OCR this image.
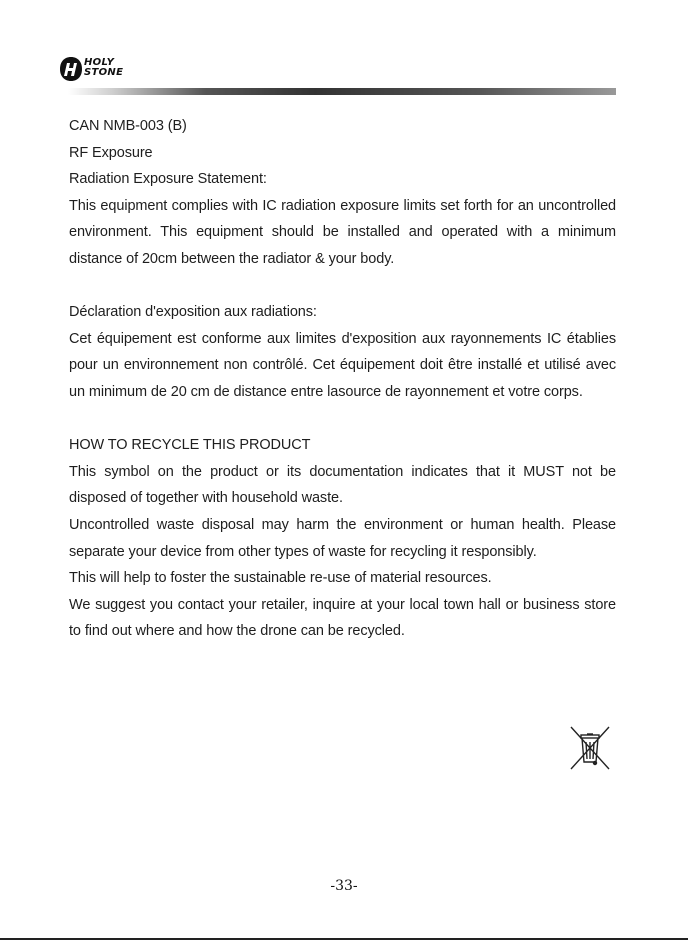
HOLY
STONE

CAN NMB-003 (B)

RF Exposure

Radiation Exposure Statement:

This equipment complies with IC radiation exposure limits set forth for an uncontrolled environment. This equipment should be installed and operated with a minimum distance of 20cm between the radiator & your body.

Déclaration d'exposition aux radiations:

Cet équipement est conforme aux limites d'exposition aux rayonnements IC établies pour un environnement non contrôlé. Cet équipement doit être installé et utilisé avec un minimum de 20 cm de distance entre lasource de rayonnement et votre corps.

HOW TO RECYCLE THIS PRODUCT

This symbol on the product or its documentation indicates that it MUST not be disposed of together with household waste.

Uncontrolled waste disposal may harm the environment or human health. Please separate your device from other types of waste for recycling it responsibly.

This will help to foster the sustainable re-use of material resources.

We suggest you contact your retailer, inquire at your local town hall or business store to find out where and how the drone can be recycled.

-33-
